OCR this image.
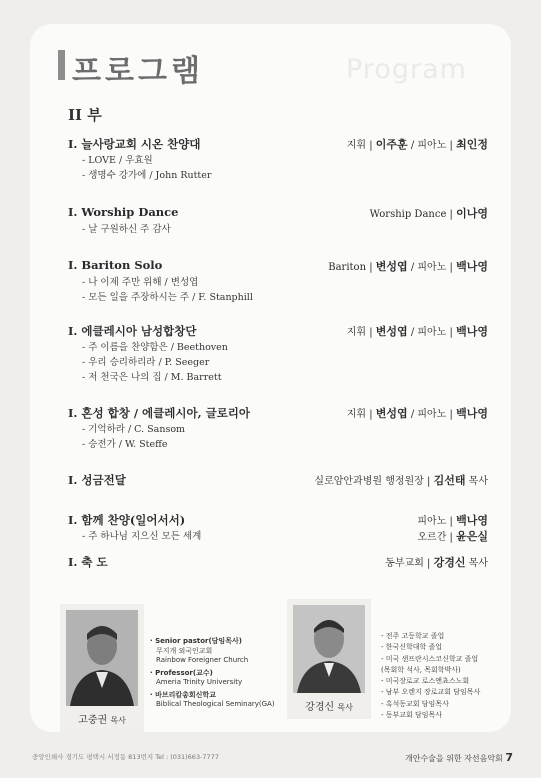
프로그램	Program
II 부
I. 늘사랑교회 시온 찬양대	지휘 | 이주훈 / 피아노 | 최인정
- LOVE / 우효원
- 생명수 강가에 / John Rutter
I. Worship Dance	Worship Dance | 이나영
- 날 구원하신 주 감사
I. Bariton Solo	Bariton | 변성엽 / 피아노 | 백나영
- 나 이제 주만 위해 / 변성엽
- 모든 일을 주장하시는 주 / F. Stanphill
I. 에클레시아 남성합창단	지휘 | 변성엽 / 피아노 | 백나영
- 주 이름을 찬양함은 / Beethoven
- 우리 승리하리라 / P. Seeger
- 저 천국은 나의 집 / M. Barrett
I. 혼성 합창 / 에클레시아, 글로리아	지휘 | 변성엽 / 피아노 | 백나영
- 기억하라 / C. Sansom
- 승전가 / W. Steffe
I. 성금전달	실로암안과병원 행정원장 | 김선태 목사
I. 함께 찬양(일어서서)	피아노 | 백나영
오르간 | 윤은실
- 주 하나님 지으신 모든 세계
I. 축 도	동부교회 | 강경신 목사
고중권 목사
· Senior pastor(담임목사)
무지개 외국인교회
Rainbow Foreigner Church
· Professor(교수)
Ameria Trinity University
· 바브리칼총회신학교
Biblical Theological Seminary(GA)	강경신 목사
- 전주 고등학교 졸업
- 한국신학대학 졸업
- 미국 샌프란시스코신학교 졸업
(목회학 석사, 목회학박사)
- 미국장로교 로스앤쵸스노회
- 남부 오렌지 장로교회 담임목사
- 흑석동교회 담임목사
- 동부교회 담임목사
중앙인쇄사 경기도 평택시 서정동 813번지 Tel : (031)663-7777	개안수술을 위한 자선음악회 7
